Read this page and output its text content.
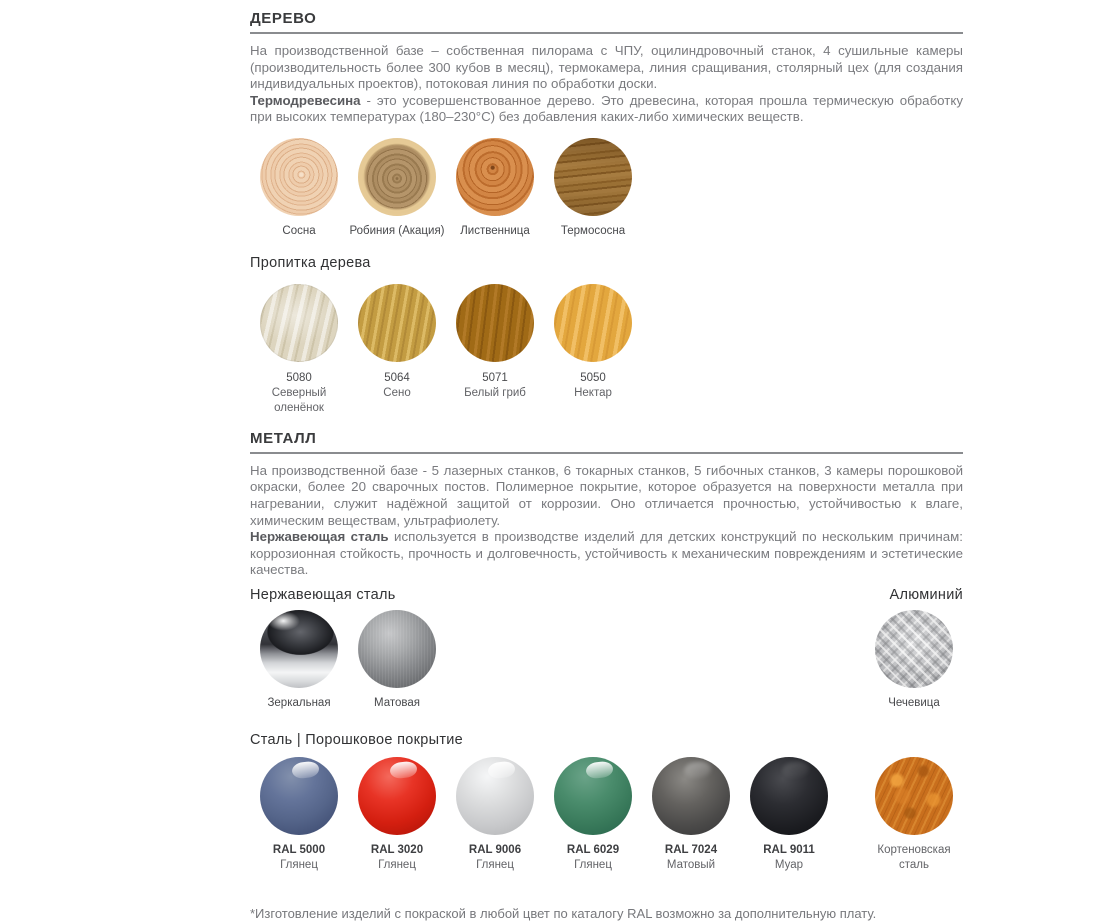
ДЕРЕВО

На производственной базе – собственная пилорама с ЧПУ, оцилиндровочный станок, 4 сушильные камеры (производительность более 300 кубов в месяц), термокамера, линия сращивания, столярный цех (для создания индивидуальных проектов), потоковая линия по обработки доски.

Термодревесина - это усовершенствованное дерево. Это древесина, которая прошла термическую обработку при высоких температурах (180–230°C) без добавления каких-либо химических веществ.

Сосна	Робиния (Акация) Лиственница	Термососна
Пропитка дерева
5080
Северный оленёнок
5064
Сено
5071
Белый гриб
5050
Нектар
МЕТАЛЛ

На производственной базе - 5 лазерных станков, 6 токарных станков, 5 гибочных станков, 3 камеры порошковой окраски, более 20 сварочных постов. Полимерное покрытие, которое образуется на поверхности металла при нагревании, служит надёжной защитой от коррозии. Оно отличается прочностью, устойчивостью к влаге, химическим веществам, ультрафиолету.

Нержавеющая сталь используется в производстве изделий для детских конструкций по нескольким причинам: коррозионная стойкость, прочность и долговечность, устойчивость к механическим повреждениям и эстетические качества.

Нержавеющая сталь	Алюминий
Зеркальная	Матовая	Чечевица
Сталь | Порошковое покрытие
RAL 5000
Глянец
RAL 3020
Глянец
RAL 9006
Глянец
RAL 6029
Глянец
RAL 7024
Матовый
RAL 9011
Муар
Кортеновская сталь

*Изготовление изделий с покраской в любой цвет по каталогу RAL возможно за дополнительную плату.
